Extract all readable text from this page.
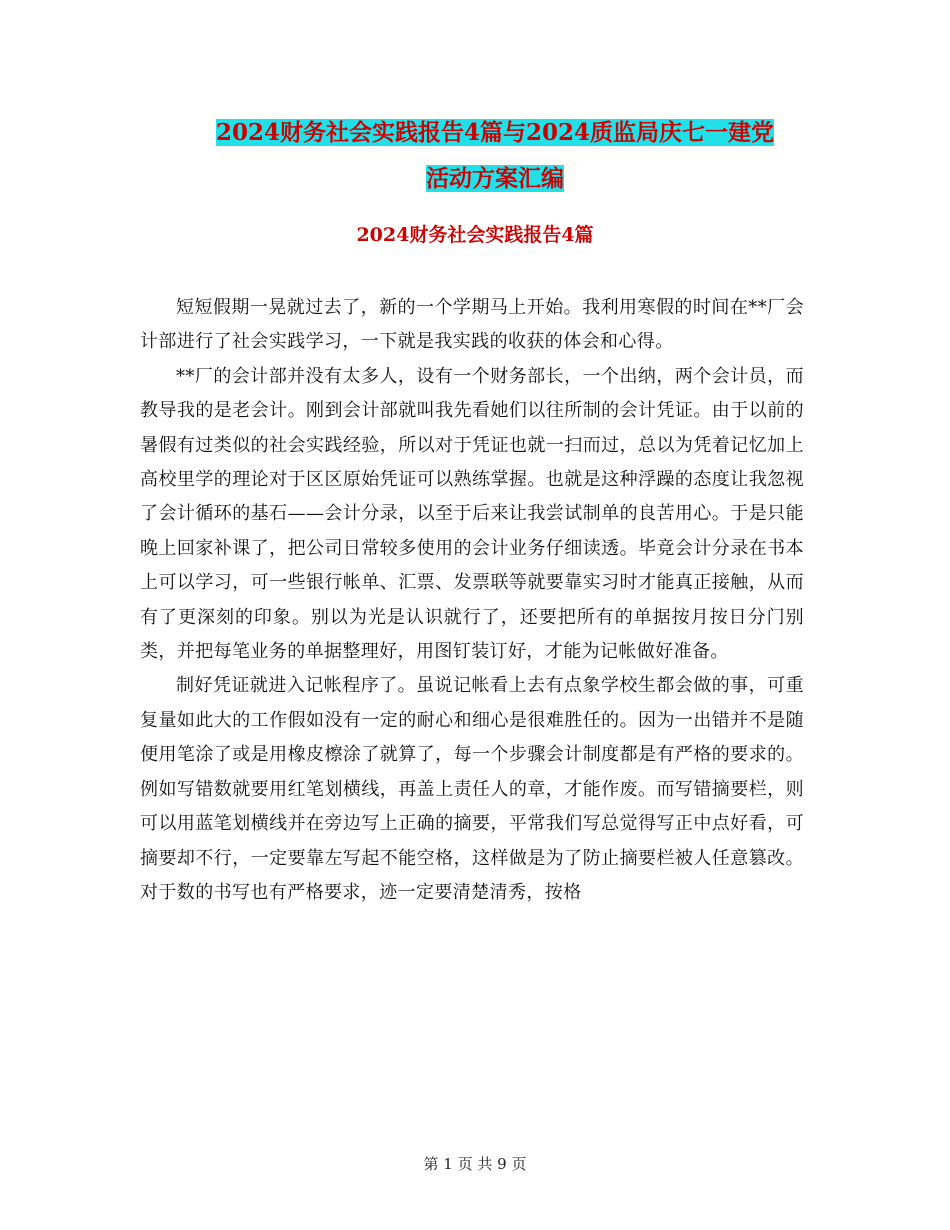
2024财务社会实践报告4篇与2024质监局庆七一建党
活动方案汇编
2024财务社会实践报告4篇

短短假期一晃就过去了，新的一个学期马上开始。我利用寒假的时间在**厂会计部进行了社会实践学习，一下就是我实践的收获的体会和心得。

**厂的会计部并没有太多人，设有一个财务部长，一个出纳，两个会计员，而教导我的是老会计。刚到会计部就叫我先看她们以往所制的会计凭证。由于以前的暑假有过类似的社会实践经验，所以对于凭证也就一扫而过，总以为凭着记忆加上高校里学的理论对于区区原始凭证可以熟练掌握。也就是这种浮躁的态度让我忽视了会计循环的基石——会计分录，以至于后来让我尝试制单的良苦用心。于是只能晚上回家补课了，把公司日常较多使用的会计业务仔细读透。毕竟会计分录在书本上可以学习，可一些银行帐单、汇票、发票联等就要靠实习时才能真正接触，从而有了更深刻的印象。别以为光是认识就行了，还要把所有的单据按月按日分门别类，并把每笔业务的单据整理好，用图钉装订好，才能为记帐做好准备。

制好凭证就进入记帐程序了。虽说记帐看上去有点象学校生都会做的事，可重复量如此大的工作假如没有一定的耐心和细心是很难胜任的。因为一出错并不是随便用笔涂了或是用橡皮檫涂了就算了，每一个步骤会计制度都是有严格的要求的。例如写错数就要用红笔划横线，再盖上责任人的章，才能作废。而写错摘要栏，则可以用蓝笔划横线并在旁边写上正确的摘要，平常我们写总觉得写正中点好看，可摘要却不行，一定要靠左写起不能空格，这样做是为了防止摘要栏被人任意篡改。对于数的书写也有严格要求，迹一定要清楚清秀，按格

第 1 页 共 9 页
